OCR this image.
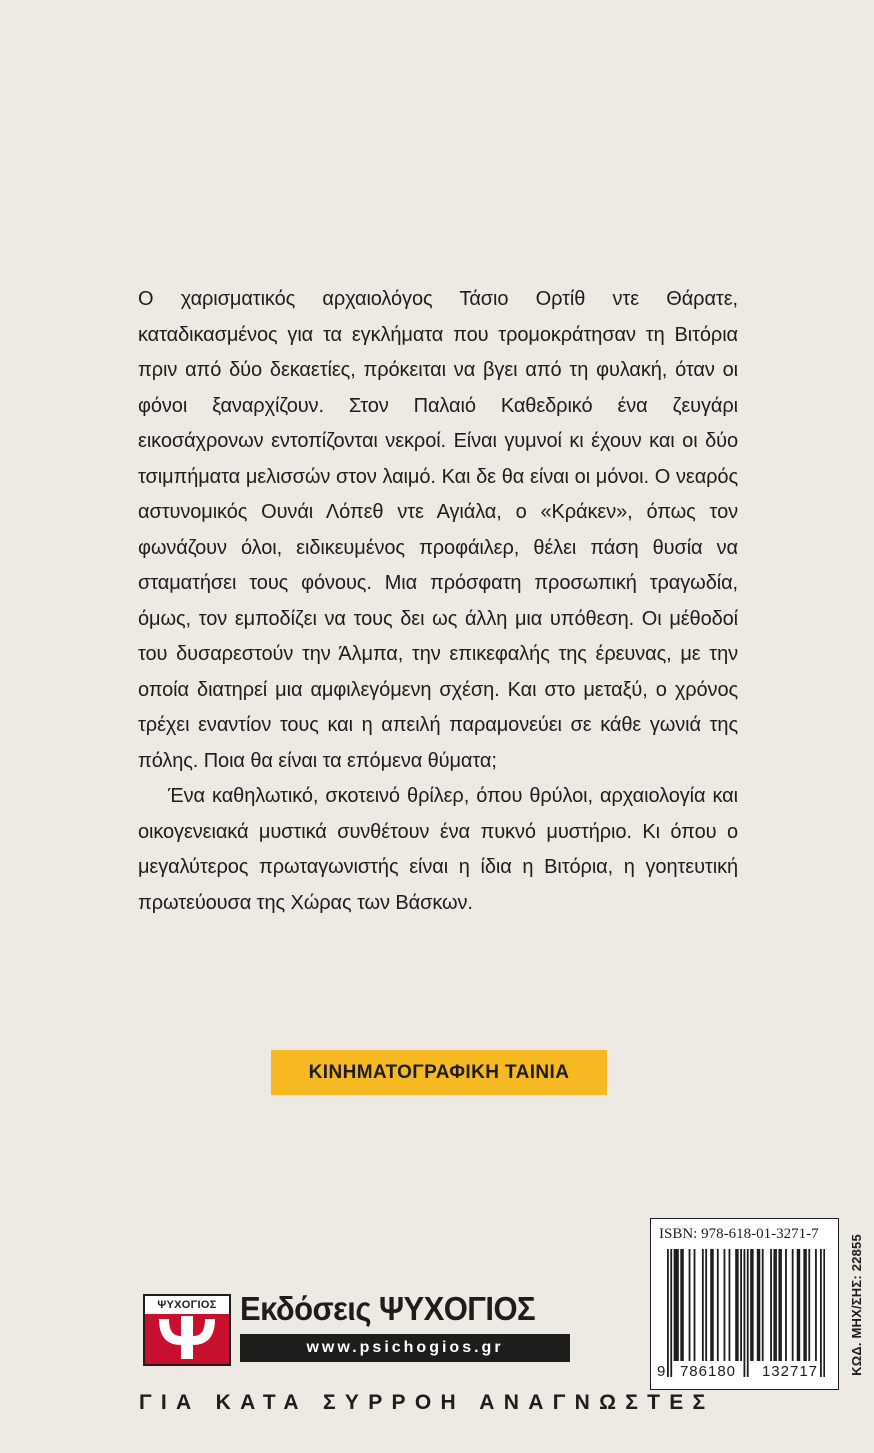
Ο χαρισματικός αρχαιολόγος Τάσιο Ορτίθ ντε Θάρατε, καταδικασμένος για τα εγκλήματα που τρομοκράτησαν τη Βιτόρια πριν από δύο δεκαετίες, πρόκειται να βγει από τη φυλακή, όταν οι φόνοι ξαναρχίζουν. Στον Παλαιό Καθεδρικό ένα ζευγάρι εικοσάχρονων εντοπίζονται νεκροί. Είναι γυμνοί κι έχουν και οι δύο τσιμπήματα μελισσών στον λαιμό. Και δε θα είναι οι μόνοι. Ο νεαρός αστυνομικός Ουνάι Λόπεθ ντε Αγιάλα, ο «Κράκεν», όπως τον φωνάζουν όλοι, ειδικευμένος προφάιλερ, θέλει πάση θυσία να σταματήσει τους φόνους. Μια πρόσφατη προσωπική τραγωδία, όμως, τον εμποδίζει να τους δει ως άλλη μια υπόθεση. Οι μέθοδοί του δυσαρεστούν την Άλμπα, την επικεφαλής της έρευνας, με την οποία διατηρεί μια αμφιλεγόμενη σχέση. Και στο μεταξύ, ο χρόνος τρέχει εναντίον τους και η απειλή παραμονεύει σε κάθε γωνιά της πόλης. Ποια θα είναι τα επόμενα θύματα;

Ένα καθηλωτικό, σκοτεινό θρίλερ, όπου θρύλοι, αρχαιολογία και οικογενειακά μυστικά συνθέτουν ένα πυκνό μυστήριο. Κι όπου ο μεγαλύτερος πρωταγωνιστής είναι η ίδια η Βιτόρια, η γοητευτική πρωτεύουσα της Χώρας των Βάσκων.

ΚΙΝΗΜΑΤΟΓΡΑΦΙΚΗ ΤΑΙΝΙΑ
ΨΥΧΟΓΙΟΣ Εκδόσεις ΨΥΧΟΓΙΟΣ
www.psichogios.gr
ISBN: 978-618-01-3271-7
9 786180	132717	ΚΩΔ. ΜΗΧ/ΣΗΣ: 22855
ΓΙΑ ΚΑΤΑ ΣΥΡΡΟΗ ΑΝΑΓΝΩΣΤΕΣ
